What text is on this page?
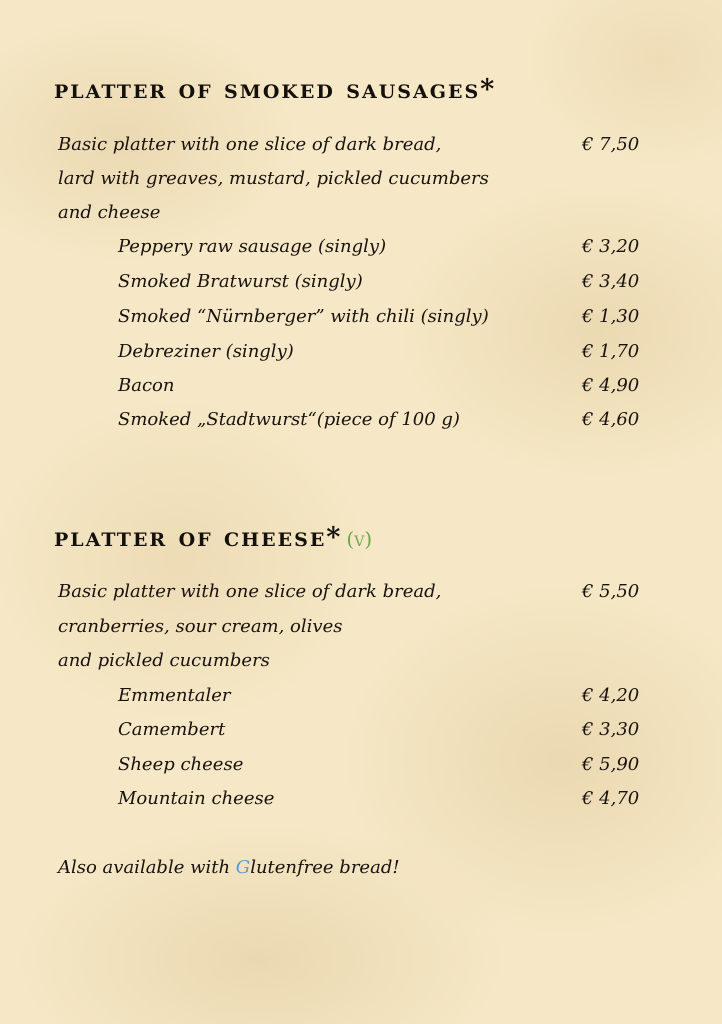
platter of smoked sausages*
Basic platter with one slice of dark bread,	€ 7,50
lard with greaves, mustard, pickled cucumbers
and cheese
Peppery raw sausage (singly)	€ 3,20
Smoked Bratwurst (singly)	€ 3,40
Smoked “Nürnberger” with chili (singly)	€ 1,30
Debreziner (singly)	€ 1,70
Bacon	€ 4,90
Smoked „Stadtwurst“(piece of 100 g)	€ 4,60
platter of cheese* (v)
Basic platter with one slice of dark bread,	€ 5,50
cranberries, sour cream, olives
and pickled cucumbers
Emmentaler	€ 4,20
Camembert	€ 3,30
Sheep cheese	€ 5,90
Mountain cheese	€ 4,70
Also available with Glutenfree bread!
